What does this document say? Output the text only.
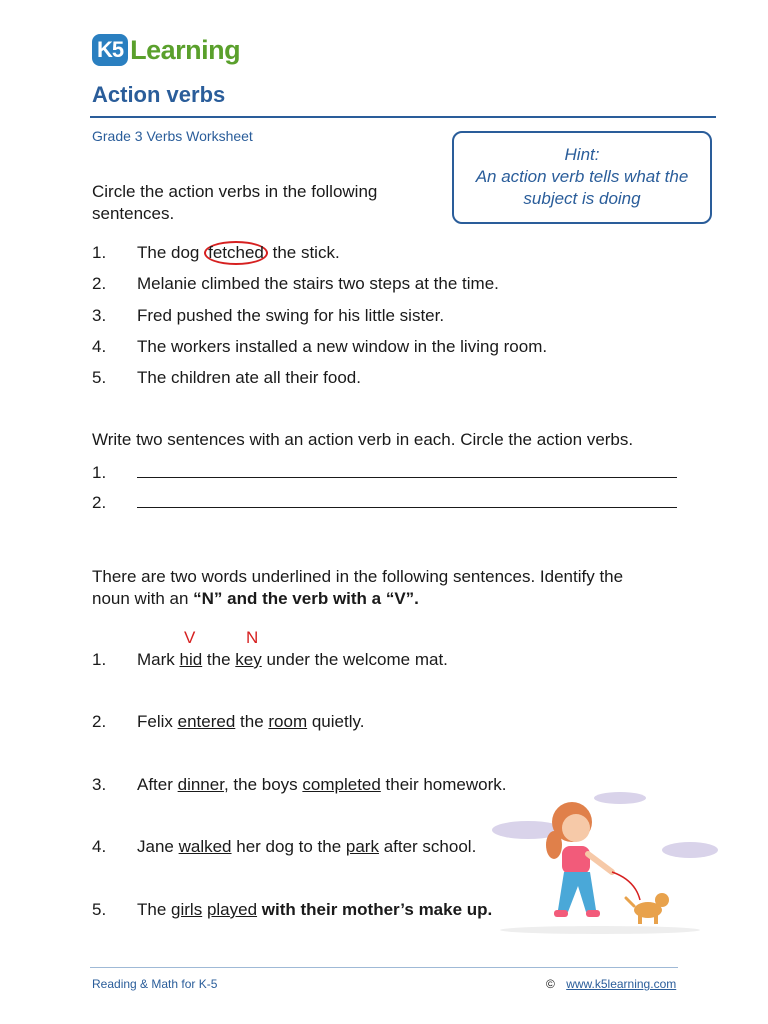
K5 Learning
Action verbs
Grade 3 Verbs Worksheet
Hint:
An action verb tells what the
subject is doing
Circle the action verbs in the following sentences.
1. The dog fetched the stick.
2. Melanie climbed the stairs two steps at the time.
3. Fred pushed the swing for his little sister.
4. The workers installed a new window in the living room.
5. The children ate all their food.
Write two sentences with an action verb in each. Circle the action verbs.
1.
2.
There are two words underlined in the following sentences. Identify the
noun with an “N” and the verb with a “V”.
V	N
1. Mark hid the key under the welcome mat.
2. Felix entered the room quietly.
3. After dinner, the boys completed their homework.
4. Jane walked her dog to the park after school.
5. The girls played with their mother’s make up.
Reading & Math for K-5	© www.k5learning.com
